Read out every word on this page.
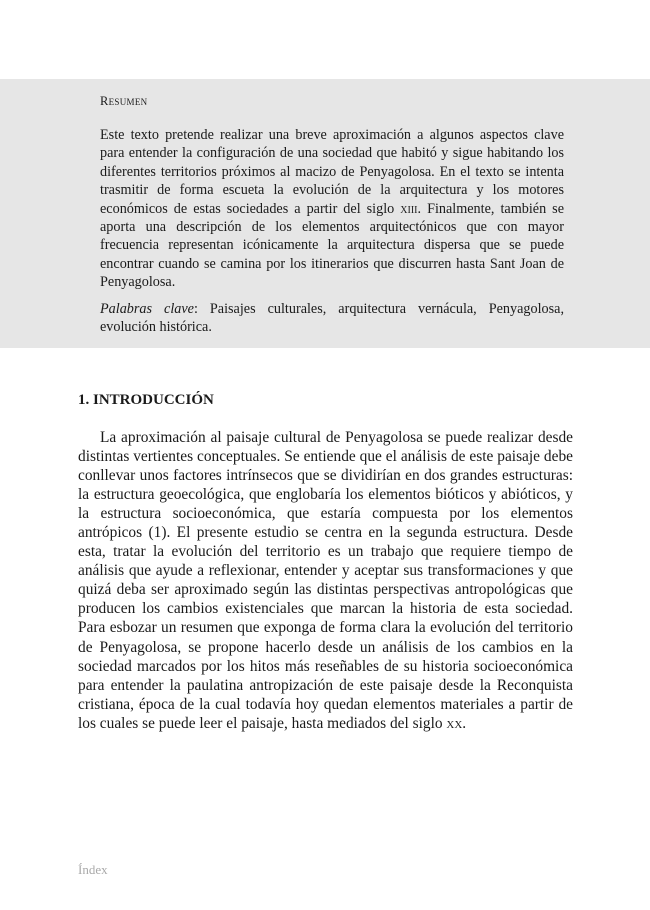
Resumen

Este texto pretende realizar una breve aproximación a algunos aspectos clave para entender la configuración de una sociedad que habitó y sigue habitando los diferentes territorios próximos al macizo de Penyagolosa. En el texto se intenta trasmitir de forma escueta la evolución de la arquitectura y los motores económicos de estas sociedades a partir del siglo xiii. Finalmente, también se aporta una descripción de los elementos arquitectónicos que con mayor frecuencia representan icónicamente la arquitectura dispersa que se puede encontrar cuando se camina por los itinerarios que discurren hasta Sant Joan de Penyagolosa.

Palabras clave: Paisajes culturales, arquitectura vernácula, Penyagolosa, evolución histórica.

1. INTRODUCCIÓN

La aproximación al paisaje cultural de Penyagolosa se puede realizar desde distintas vertientes conceptuales. Se entiende que el análisis de este paisaje debe conllevar unos factores intrínsecos que se dividirían en dos grandes estructuras: la estructura geoecológica, que englobaría los elementos bióticos y abióticos, y la estructura socioeconómica, que estaría compuesta por los elementos antrópicos (1). El presente estudio se centra en la segunda estructura. Desde esta, tratar la evolución del territorio es un trabajo que requiere tiempo de análisis que ayude a reflexionar, entender y aceptar sus transformaciones y que quizá deba ser aproximado según las distintas perspectivas antropológicas que producen los cambios existenciales que marcan la historia de esta sociedad. Para esbozar un resumen que exponga de forma clara la evolución del territorio de Penyagolosa, se propone hacerlo desde un análisis de los cambios en la sociedad marcados por los hitos más reseñables de su historia socioeconómica para entender la paulatina antropización de este paisaje desde la Reconquista cristiana, época de la cual todavía hoy quedan elementos materiales a partir de los cuales se puede leer el paisaje, hasta mediados del siglo xx.

Índex
